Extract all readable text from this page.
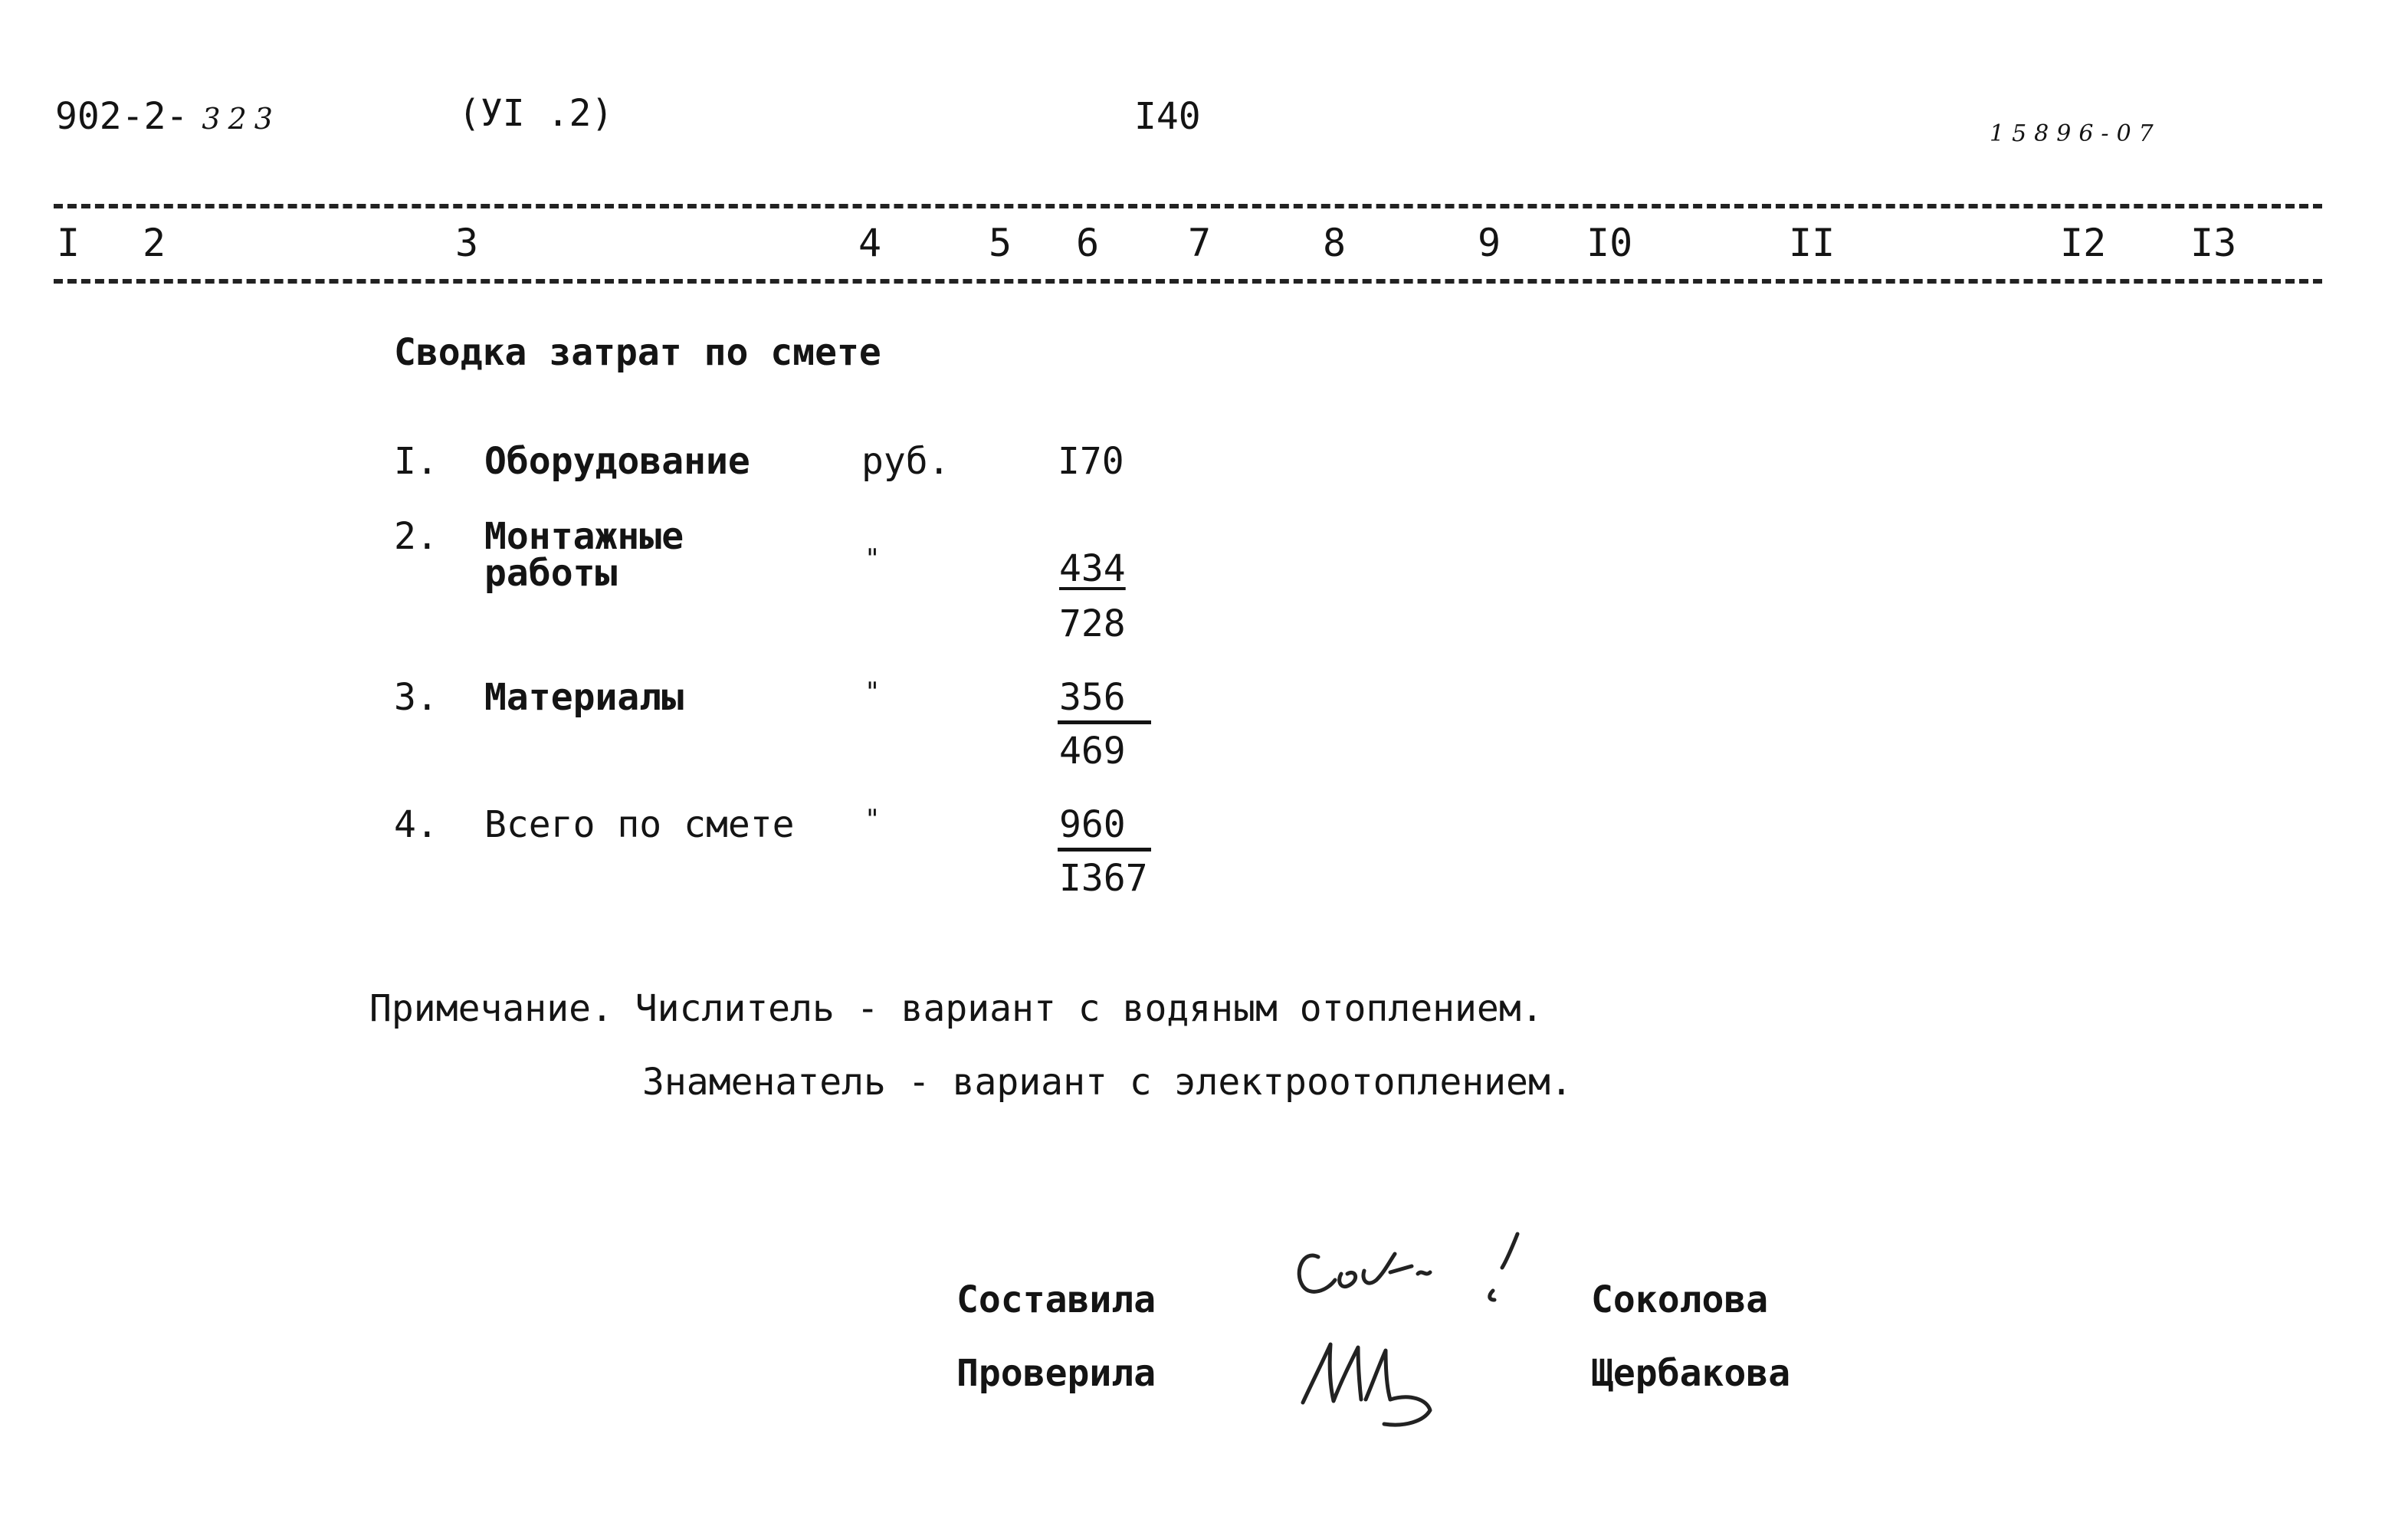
902-2- 323	(УI .2)	I40	15896-07
I 2	3	4	5 6 7	8	9 I0	II	I2 I3
Сводка затрат по смете
I. Оборудование	руб.	I70
2. Монтажные
работы	"	434
728
3. Материалы	"	356
469
4. Всего по смете	"	960
I367
Примечание. Числитель - вариант с водяным отоплением.
Знаменатель - вариант с электроотоплением.
Составила	Соколова
Проверила	Щербакова
